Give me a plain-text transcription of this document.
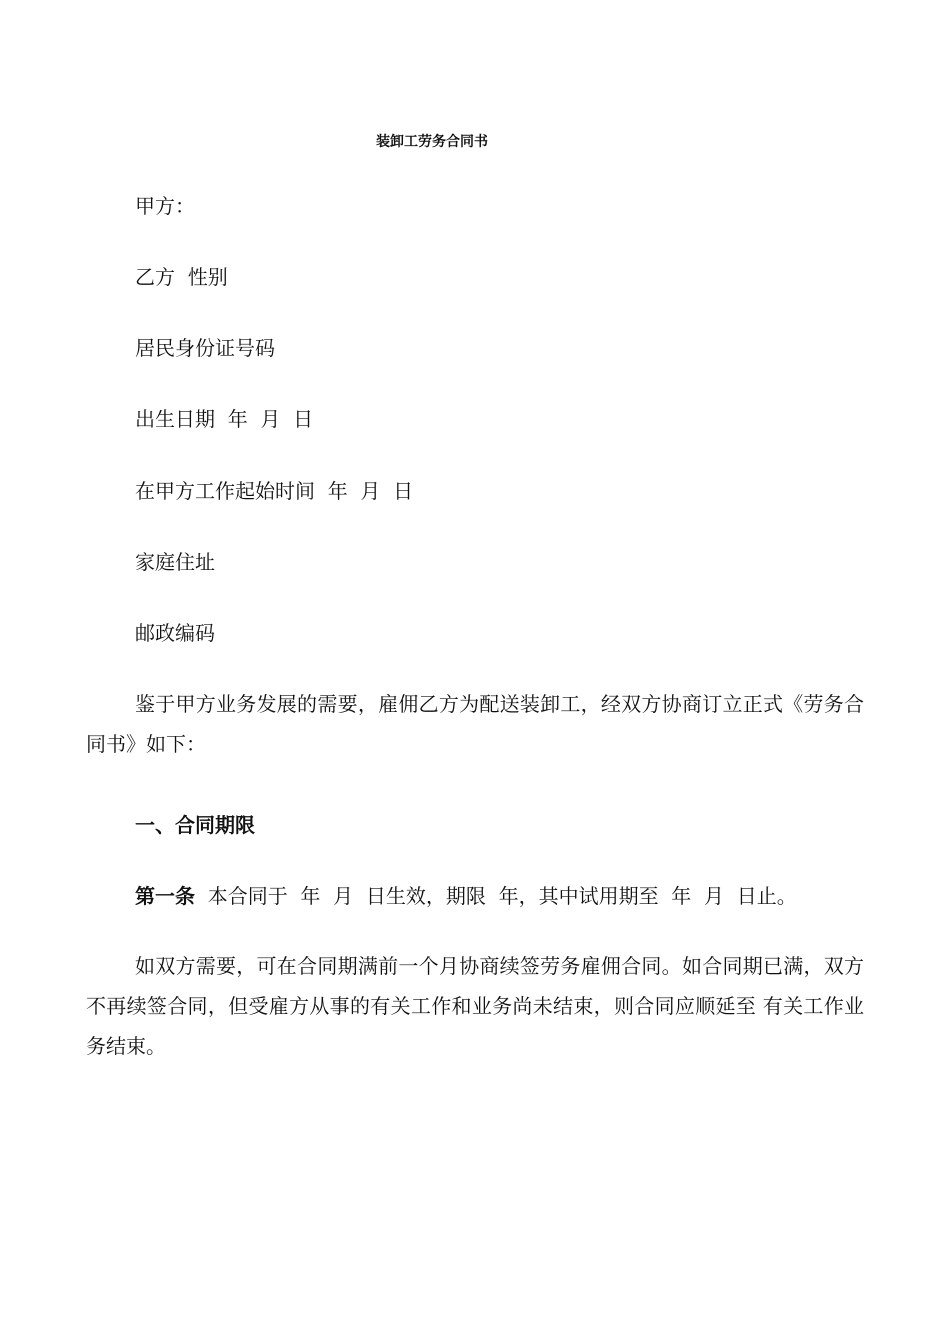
装卸工劳务合同书
甲方：
乙方  性别
居民身份证号码
出生日期  年  月  日
在甲方工作起始时间  年  月  日
家庭住址
邮政编码
鉴于甲方业务发展的需要，雇佣乙方为配送装卸工，经双方协商订立正式《劳务合同书》如下：
一、合同期限
第一条  本合同于  年  月  日生效，期限  年，其中试用期至  年  月  日止。
如双方需要，可在合同期满前一个月协商续签劳务雇佣合同。如合同期已满，双方不再续签合同，但受雇方从事的有关工作和业务尚未结束，则合同应顺延至 有关工作业务结束。
